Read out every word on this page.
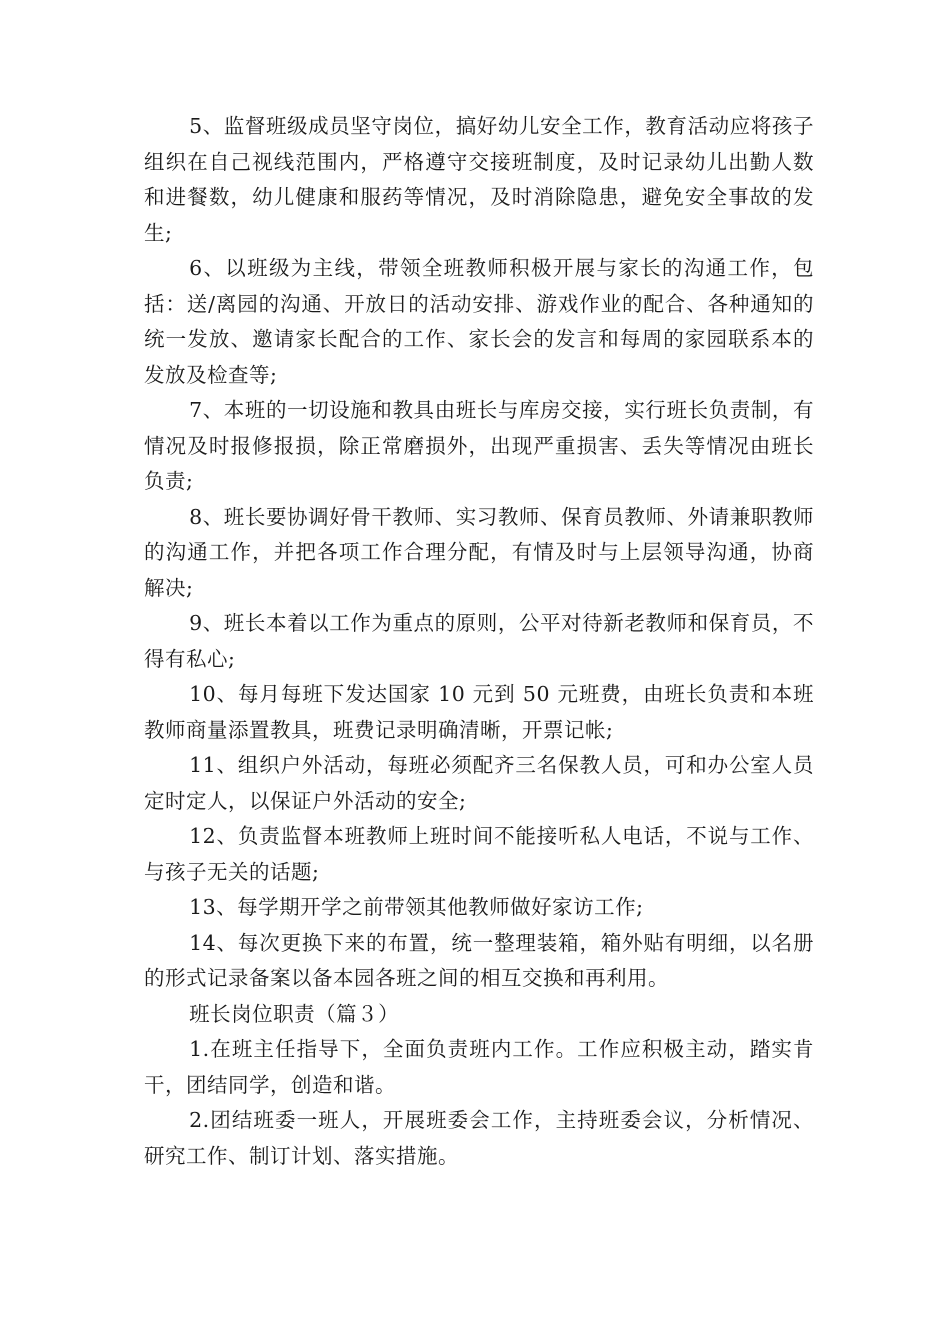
5、监督班级成员坚守岗位，搞好幼儿安全工作，教育活动应将孩子组织在自己视线范围内，严格遵守交接班制度，及时记录幼儿出勤人数和进餐数，幼儿健康和服药等情况，及时消除隐患，避免安全事故的发生;

6、以班级为主线，带领全班教师积极开展与家长的沟通工作，包括：送/离园的沟通、开放日的活动安排、游戏作业的配合、各种通知的统一发放、邀请家长配合的工作、家长会的发言和每周的家园联系本的发放及检查等;

7、本班的一切设施和教具由班长与库房交接，实行班长负责制，有情况及时报修报损，除正常磨损外，出现严重损害、丢失等情况由班长负责;

8、班长要协调好骨干教师、实习教师、保育员教师、外请兼职教师的沟通工作，并把各项工作合理分配，有情及时与上层领导沟通，协商解决;

9、班长本着以工作为重点的原则，公平对待新老教师和保育员，不得有私心;

10、每月每班下发达国家 10 元到 50 元班费，由班长负责和本班教师商量添置教具，班费记录明确清晰，开票记帐;

11、组织户外活动，每班必须配齐三名保教人员，可和办公室人员定时定人，以保证户外活动的安全;

12、负责监督本班教师上班时间不能接听私人电话，不说与工作、与孩子无关的话题;

13、每学期开学之前带领其他教师做好家访工作;

14、每次更换下来的布置，统一整理装箱，箱外贴有明细，以名册的形式记录备案以备本园各班之间的相互交换和再利用。

班长岗位职责（篇３）

1.在班主任指导下，全面负责班内工作。工作应积极主动，踏实肯干，团结同学，创造和谐。

2.团结班委一班人，开展班委会工作，主持班委会议，分析情况、研究工作、制订计划、落实措施。
